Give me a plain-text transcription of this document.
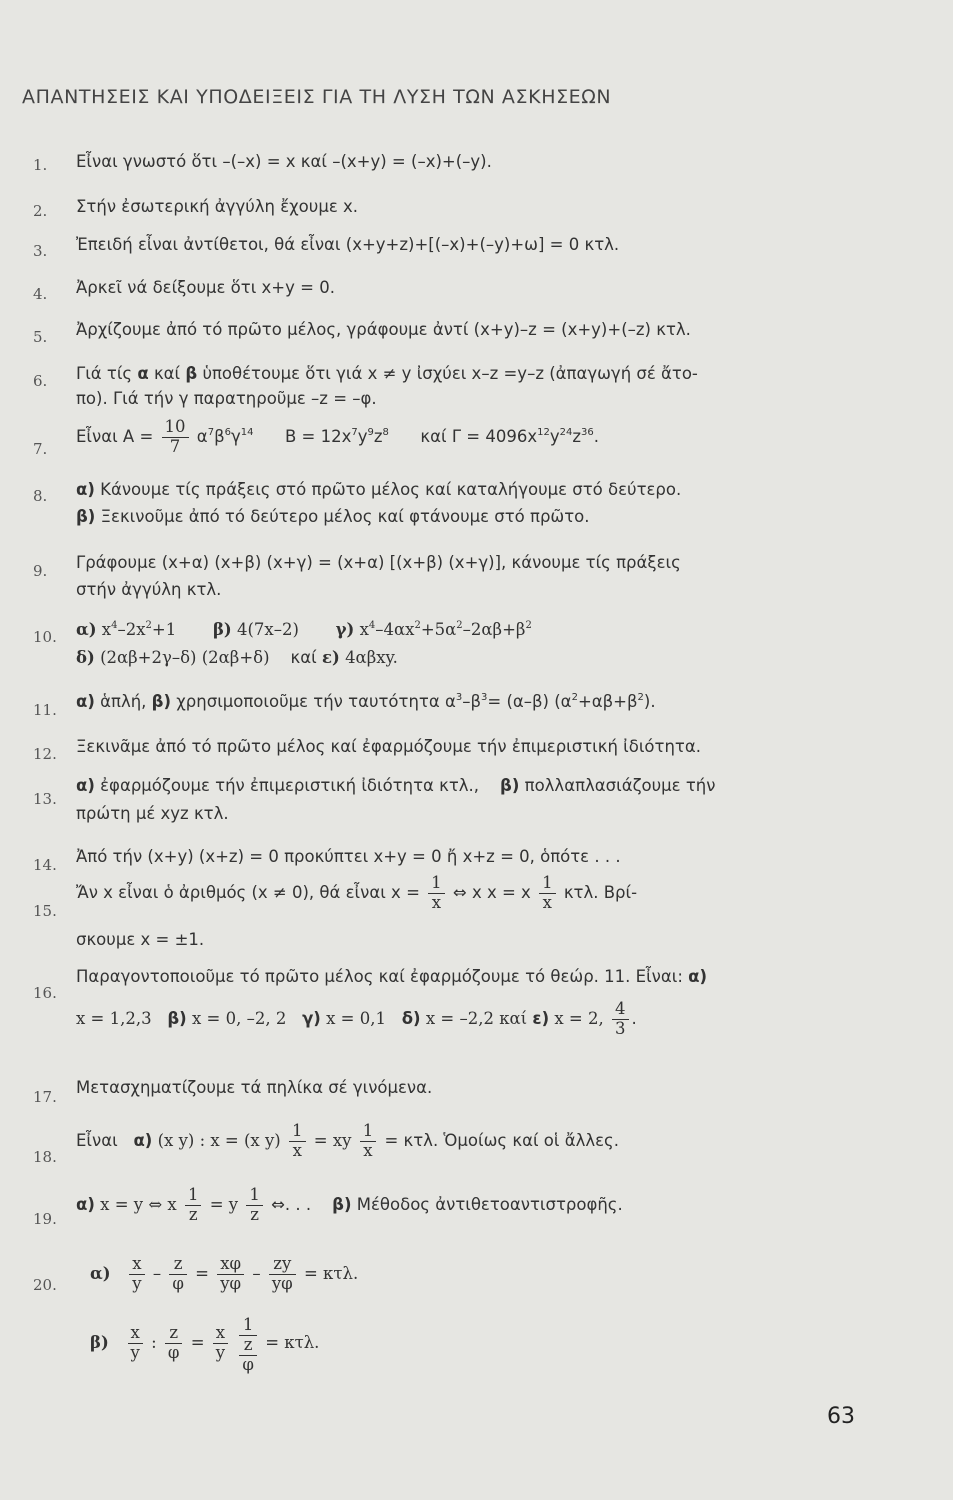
ΑΠΑΝΤΗΣΕΙΣ ΚΑΙ ΥΠΟΔΕΙΞΕΙΣ ΓΙΑ ΤΗ ΛΥΣΗ ΤΩΝ ΑΣΚΗΣΕΩΝ
1.	Εἶναι γνωστό ὅτι –(–x) = x καί –(x+y) = (–x)+(–y).
2.	Στήν ἐσωτερική ἀγγύλη ἔχουμε x.
3.	Ἐπειδή εἶναι ἀντίθετοι, θά εἶναι (x+y+z)+[(–x)+(–y)+ω] = 0 κτλ.
4.	Ἀρκεῖ νά δείξουμε ὅτι x+y = 0.
5.	Ἀρχίζουμε ἀπό τό πρῶτο μέλος, γράφουμε ἀντί (x+y)–z = (x+y)+(–z) κτλ.
6.	Γιά τίς α καί β ὑποθέτουμε ὅτι γιά x ≠ y ἰσχύει x–z =y–z (ἀπαγωγή σέ ἄτο-
πο). Γιά τήν γ παρατηροῦμε –z = –φ.
7.
Εἶναι $A = \frac{10}{7} \alpha^7\beta^6\gamma^{14}$ $B = 12x^7y^9z^8$ καί $\Gamma = 4096x^{12}y^{24}z^{36}$.
8.	α) Κάνουμε τίς πράξεις στό πρῶτο μέλος καί καταλήγουμε στό δεύτερο.
β) Ξεκινοῦμε ἀπό τό δεύτερο μέλος καί φτάνουμε στό πρῶτο.
9.	Γράφουμε (x+α) (x+β) (x+γ) = (x+α) [(x+β) (x+γ)], κάνουμε τίς πράξεις
στήν ἀγγύλη κτλ.
10.	α) $x^4-2x^2+1$ β) 4(7x–2) γ) $x^4-4\alpha x^2+5\alpha^2-2\alpha\beta+\beta^2$
δ) (2αβ+2γ–δ) (2αβ+δ) καί ε) 4αβxy.
11.	α) ἁπλή, β) χρησιμοποιοῦμε τήν ταυτότητα $\alpha^3-\beta^3= (\alpha-\beta)$ $(\alpha^2+\alpha\beta+\beta^2)$.
12.	Ξεκινᾶμε ἀπό τό πρῶτο μέλος καί ἐφαρμόζουμε τήν ἐπιμεριστική ἰδιότητα.
13.
α) ἐφαρμόζουμε τήν ἐπιμεριστική ἰδιότητα κτλ., β) πολλαπλασιάζουμε τήν
πρώτη μέ xyz κτλ.
14.	Ἀπό τήν (x+y) (x+z) = 0 προκύπτει x+y = 0 ἤ x+z = 0, ὁπότε . . .
15.
Ἄν x εἶναι ὁ ἀριθμός (x ≠ 0), θά εἶναι $x = \frac{1}{x}$ ⇔ x x = x $\frac{1}{x} \kappa\tau\lambda$. Βρί-
σκουμε x = ±1.
16.
Παραγοντοποιοῦμε τό πρῶτο μέλος καί ἐφαρμόζουμε τό θεώρ. 11. Εἶναι: α)
x = 1,2,3 β) x = 0, –2, 2 γ) x = 0,1 δ) x = –2,2 καί ε) x = 2, $\frac{4}{3}$ .
17.	Μετασχηματίζουμε τά πηλίκα σέ γινόμενα.
18.
Εἶναι α) (x y) : x = (x $y) \frac{1}{x}$ = xy $\frac{1}{x} = \kappa\tau\lambda$. Ὁμοίως καί οἱ ἄλλες.
19.
α) x = y ⇔ x $\frac{1}{z} = y \frac{1}{z}$ ⇔. . . β) Μέθοδος ἀντιθετοαντιστροφῆς.
20.
$\alpha) \frac{x}{y} - \frac{z}{\varphi} = \frac{x\varphi}{y\varphi} - \frac{zy}{y\varphi} = \kappa\tau\lambda$.
$\beta) \frac{x}{y}$ : $\frac{z}{\varphi} = \frac{x}{y}$
1
z
φ
= κτλ.
63
